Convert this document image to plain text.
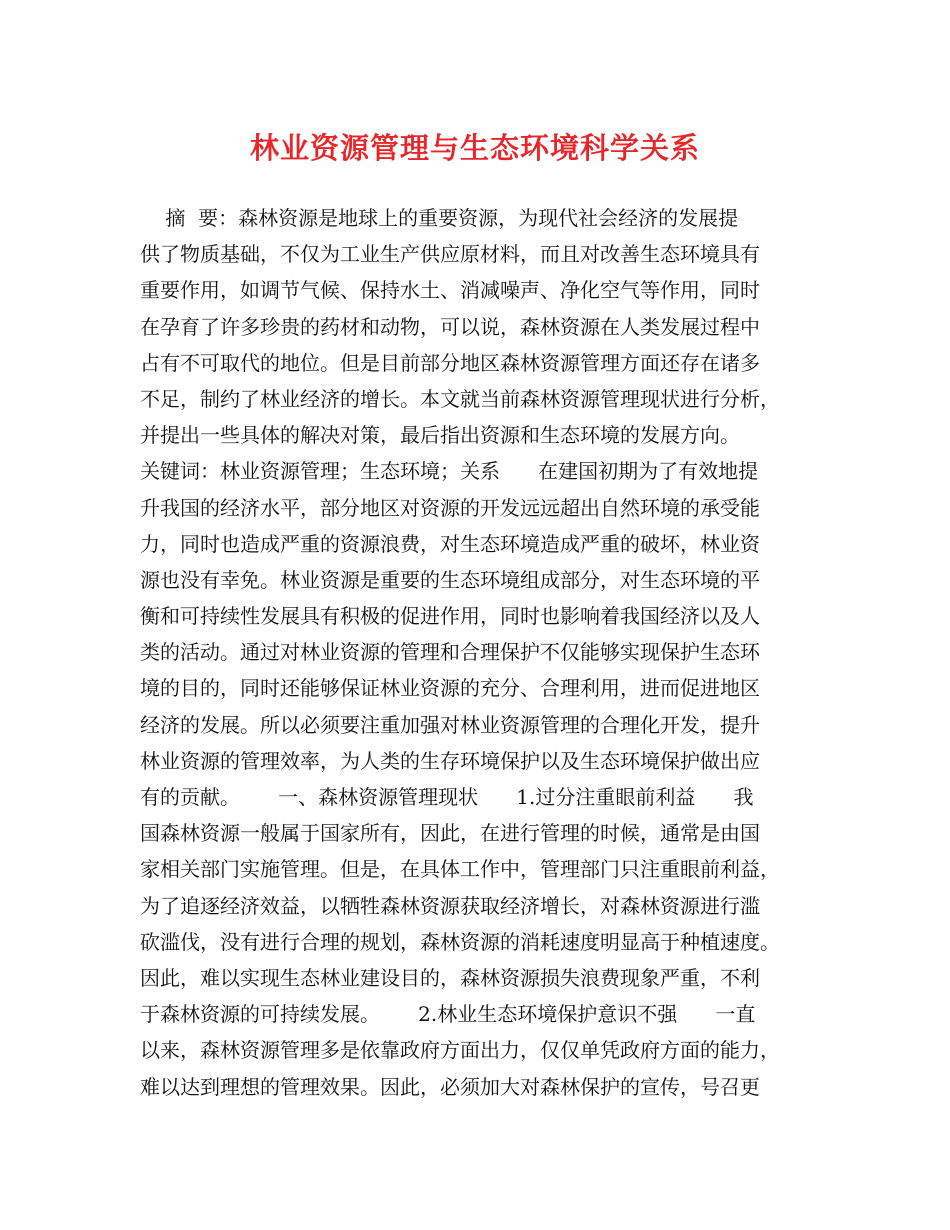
林业资源管理与生态环境科学关系
摘  要：森林资源是地球上的重要资源，为现代社会经济的发展提
供了物质基础，不仅为工业生产供应原材料，而且对改善生态环境具有
重要作用，如调节气候、保持水土、消减噪声、净化空气等作用，同时
在孕育了许多珍贵的药材和动物，可以说，森林资源在人类发展过程中
占有不可取代的地位。但是目前部分地区森林资源管理方面还存在诸多
不足，制约了林业经济的增长。本文就当前森林资源管理现状进行分析，
并提出一些具体的解决对策，最后指出资源和生态环境的发展方向。
关键词：林业资源管理；生态环境；关系      在建国初期为了有效地提
升我国的经济水平，部分地区对资源的开发远远超出自然环境的承受能
力，同时也造成严重的资源浪费，对生态环境造成严重的破坏，林业资
源也没有幸免。林业资源是重要的生态环境组成部分，对生态环境的平
衡和可持续性发展具有积极的促进作用，同时也影响着我国经济以及人
类的活动。通过对林业资源的管理和合理保护不仅能够实现保护生态环
境的目的，同时还能够保证林业资源的充分、合理利用，进而促进地区
经济的发展。所以必须要注重加强对林业资源管理的合理化开发，提升
林业资源的管理效率，为人类的生存环境保护以及生态环境保护做出应
有的贡献。      一、森林资源管理现状      1.过分注重眼前利益      我
国森林资源一般属于国家所有，因此，在进行管理的时候，通常是由国
家相关部门实施管理。但是，在具体工作中，管理部门只注重眼前利益，
为了追逐经济效益，以牺牲森林资源获取经济增长，对森林资源进行滥
砍滥伐，没有进行合理的规划，森林资源的消耗速度明显高于种植速度。
因此，难以实现生态林业建设目的，森林资源损失浪费现象严重，不利
于森林资源的可持续发展。      2.林业生态环境保护意识不强      一直
以来，森林资源管理多是依靠政府方面出力，仅仅单凭政府方面的能力，
难以达到理想的管理效果。因此，必须加大对森林保护的宣传，号召更
